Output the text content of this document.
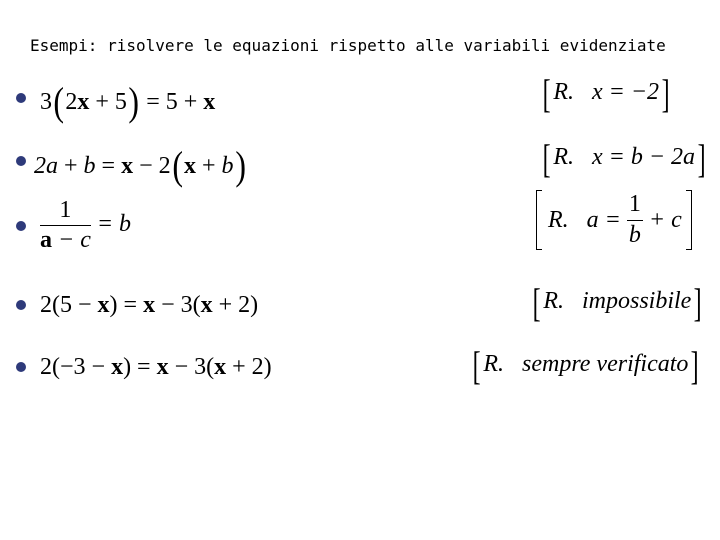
Esempi: risolvere le equazioni rispetto alle variabili evidenziate
3(2x + 5) = 5 + x	[ R. x = −2]
2a + b = x − 2(x + b)	[ R. x = b − 2a]
$\frac{1}{a - c} = b$	R. $a = \frac{1}{b} + c$
2(5 − x) = x − 3(x + 2)	[ R. impossibile]
2(−3 − x) = x − 3(x + 2)	[ R. sempre verificato]
